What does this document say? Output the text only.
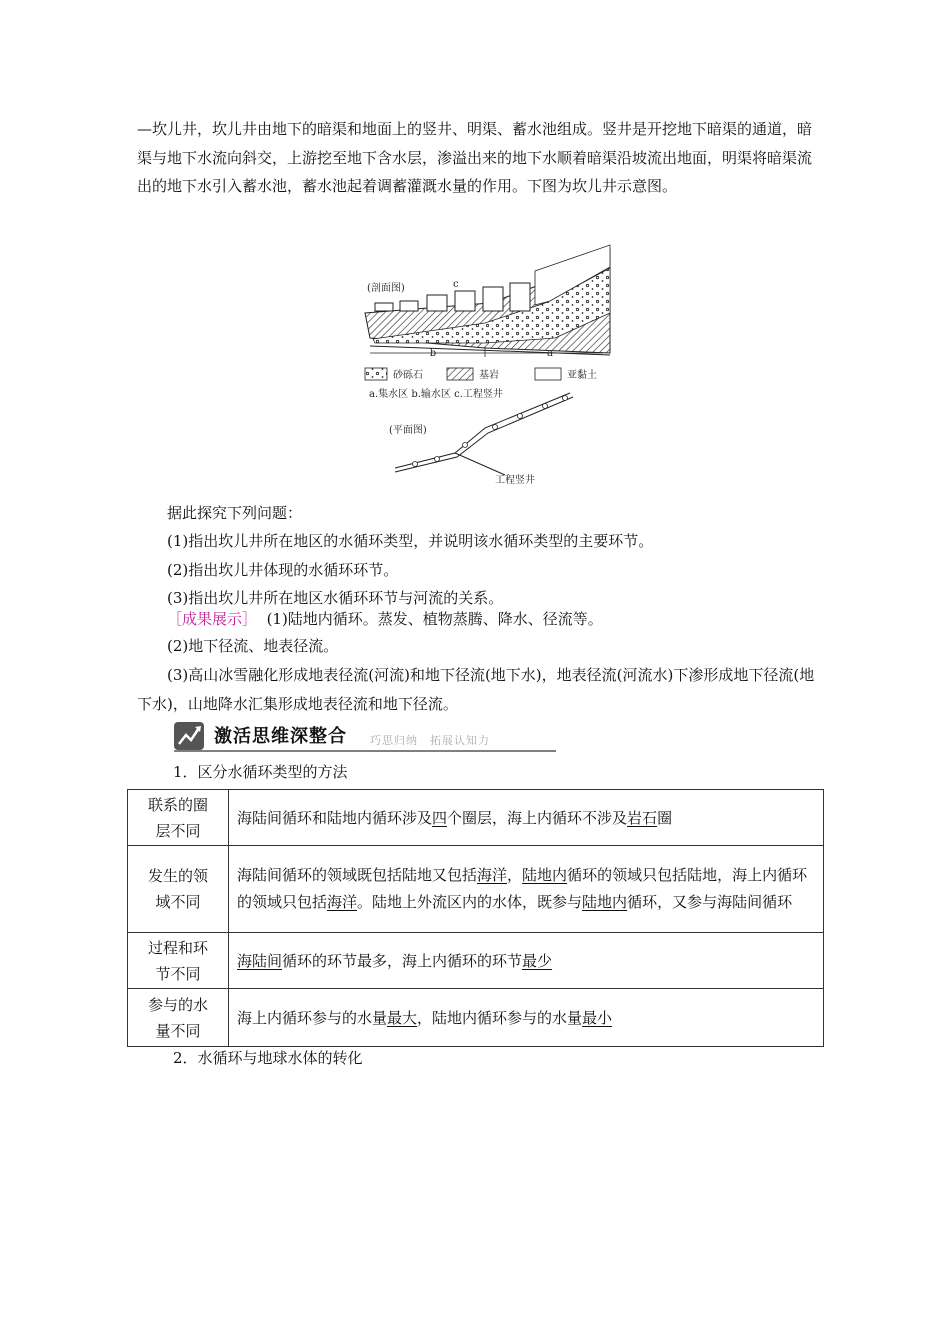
—坎儿井，坎儿井由地下的暗渠和地面上的竖井、明渠、蓄水池组成。竖井是开挖地下暗渠的通道，暗渠与地下水流向斜交，上游挖至地下含水层，渗溢出来的地下水顺着暗渠沿坡流出地面，明渠将暗渠流出的地下水引入蓄水池，蓄水池起着调蓄灌溉水量的作用。下图为坎儿井示意图。

(剖面图)	c
b	a
砂砾石	基岩	亚黏土
a.集水区 b.输水区 c.工程竖井
(平面图)
工程竖井
据此探究下列问题：
(1)指出坎儿井所在地区的水循环类型，并说明该水循环类型的主要环节。
(2)指出坎儿井体现的水循环环节。
(3)指出坎儿井所在地区水循环环节与河流的关系。
［成果展示］ (1)陆地内循环。蒸发、植物蒸腾、降水、径流等。
(2)地下径流、地表径流。

(3)高山冰雪融化形成地表径流(河流)和地下径流(地下水)，地表径流(河流水)下渗形成地下径流(地下水)，山地降水汇集形成地表径流和地下径流。

激活思维深整合 巧思归纳　拓展认知力
1．区分水循环类型的方法
联系的圈
层不同	海陆间循环和陆地内循环涉及四个圈层，海上内循环不涉及岩石圈
发生的领
域不同	海陆间循环的领域既包括陆地又包括海洋，陆地内循环的领域只包括陆地，海上内循环的领域只包括海洋。陆地上外流区内的水体，既参与陆地内循环，又参与海陆间循环
过程和环
节不同	海陆间循环的环节最多，海上内循环的环节最少
参与的水
量不同	海上内循环参与的水量最大，陆地内循环参与的水量最小
2．水循环与地球水体的转化
